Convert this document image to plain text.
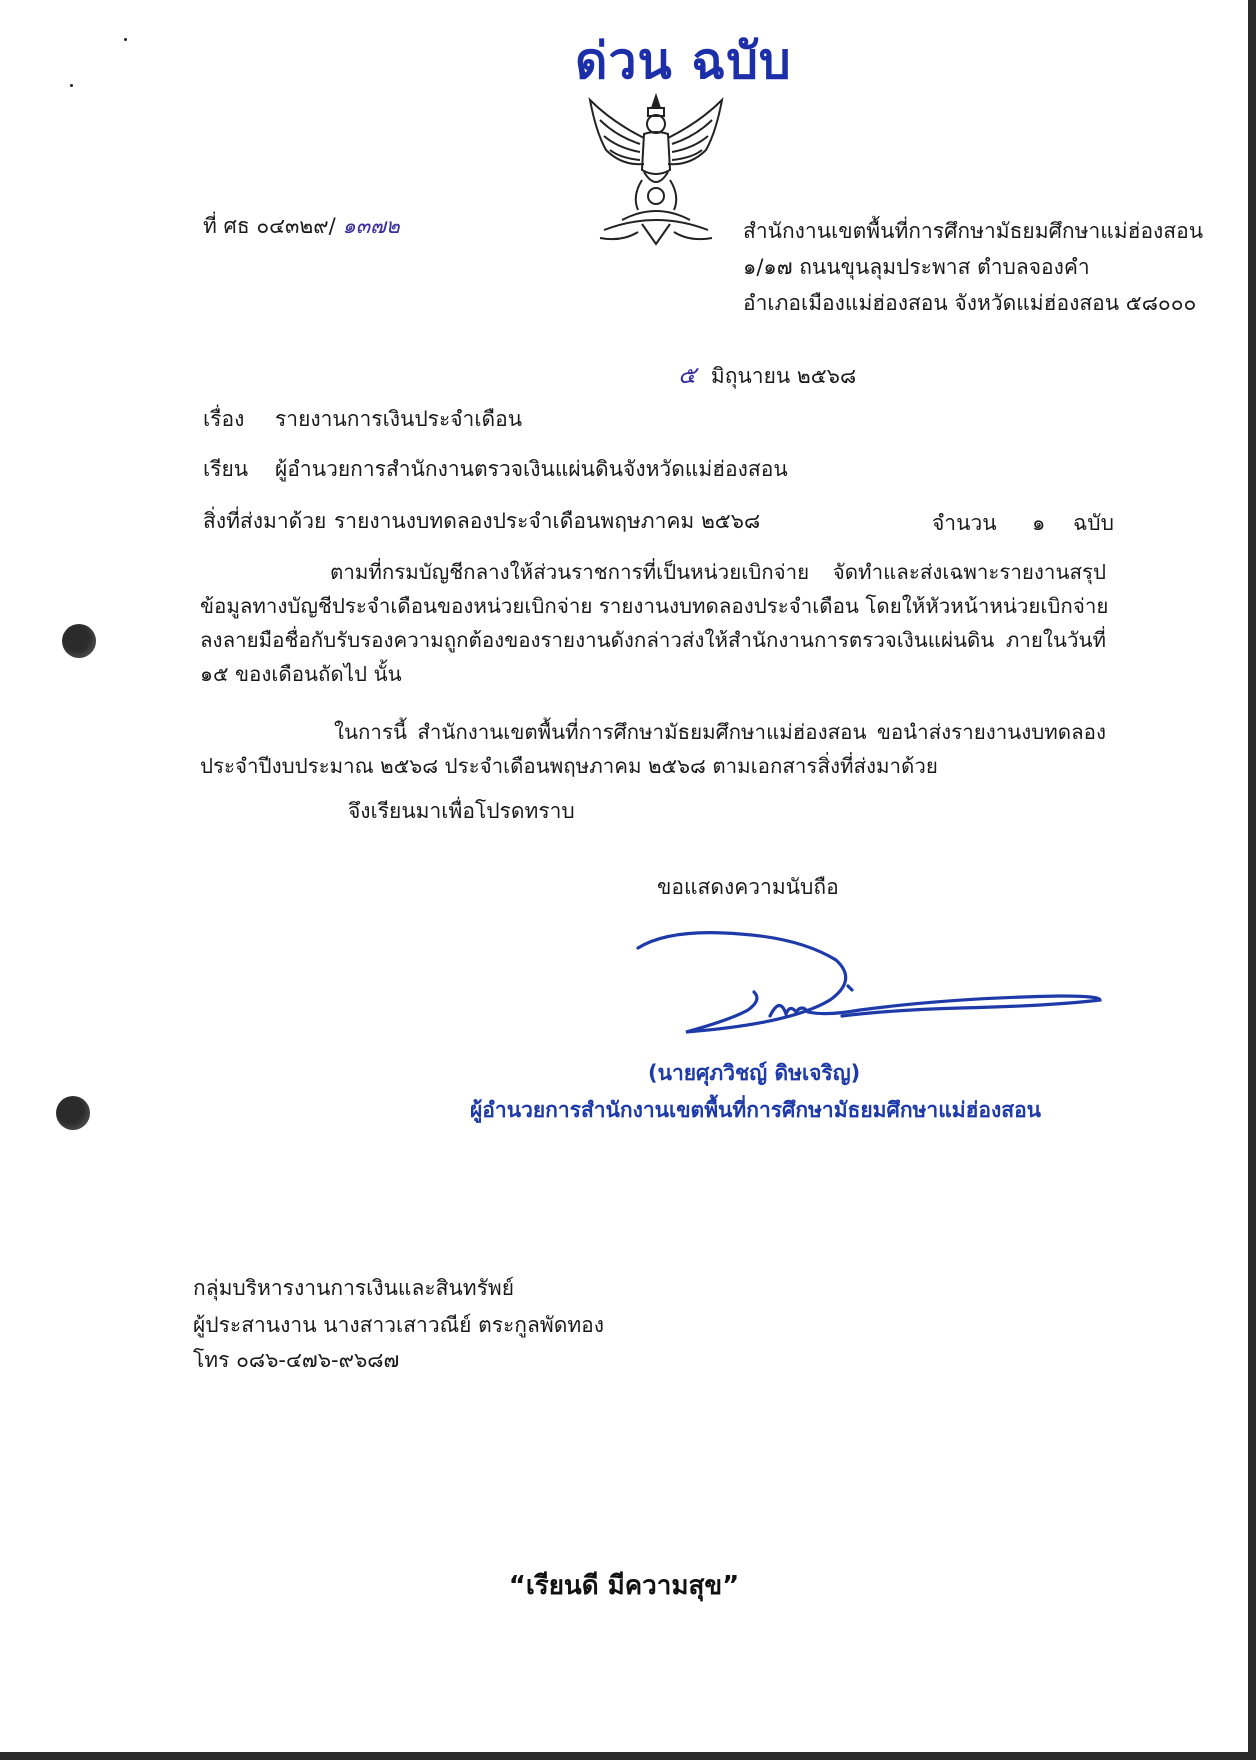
ด่วน ฉบับ
ที่ ศธ ๐๔๓๒๙/ ๑๓๗๒	สำนักงานเขตพื้นที่การศึกษามัธยมศึกษาแม่ฮ่องสอน
๑/๑๗ ถนนขุนลุมประพาส ตำบลจองคำ
อำเภอเมืองแม่ฮ่องสอน จังหวัดแม่ฮ่องสอน ๕๘๐๐๐
๕ มิถุนายน ๒๕๖๘
เรื่อง รายงานการเงินประจำเดือน
เรียน ผู้อำนวยการสำนักงานตรวจเงินแผ่นดินจังหวัดแม่ฮ่องสอน
สิ่งที่ส่งมาด้วย รายงานงบทดลองประจำเดือนพฤษภาคม ๒๕๖๘	จำนวน ๑ ฉบับ
ตามที่กรมบัญชีกลางให้ส่วนราชการที่เป็นหน่วยเบิกจ่าย จัดทำและส่งเฉพาะรายงานสรุป
ข้อมูลทางบัญชีประจำเดือนของหน่วยเบิกจ่าย รายงานงบทดลองประจำเดือน โดยให้หัวหน้าหน่วยเบิกจ่าย
ลงลายมือชื่อกับรับรองความถูกต้องของรายงานดังกล่าวส่งให้สำนักงานการตรวจเงินแผ่นดิน ภายในวันที่
๑๕ ของเดือนถัดไป นั้น
ในการนี้ สำนักงานเขตพื้นที่การศึกษามัธยมศึกษาแม่ฮ่องสอน ขอนำส่งรายงานงบทดลอง
ประจำปีงบประมาณ ๒๕๖๘ ประจำเดือนพฤษภาคม ๒๕๖๘ ตามเอกสารสิ่งที่ส่งมาด้วย
จึงเรียนมาเพื่อโปรดทราบ
ขอแสดงความนับถือ
(นายศุภวิชญ์ ดิษเจริญ)
ผู้อำนวยการสำนักงานเขตพื้นที่การศึกษามัธยมศึกษาแม่ฮ่องสอน
กลุ่มบริหารงานการเงินและสินทรัพย์
ผู้ประสานงาน นางสาวเสาวณีย์ ตระกูลพัดทอง
โทร ๐๘๖-๔๗๖-๙๖๘๗
“เรียนดี มีความสุข”
